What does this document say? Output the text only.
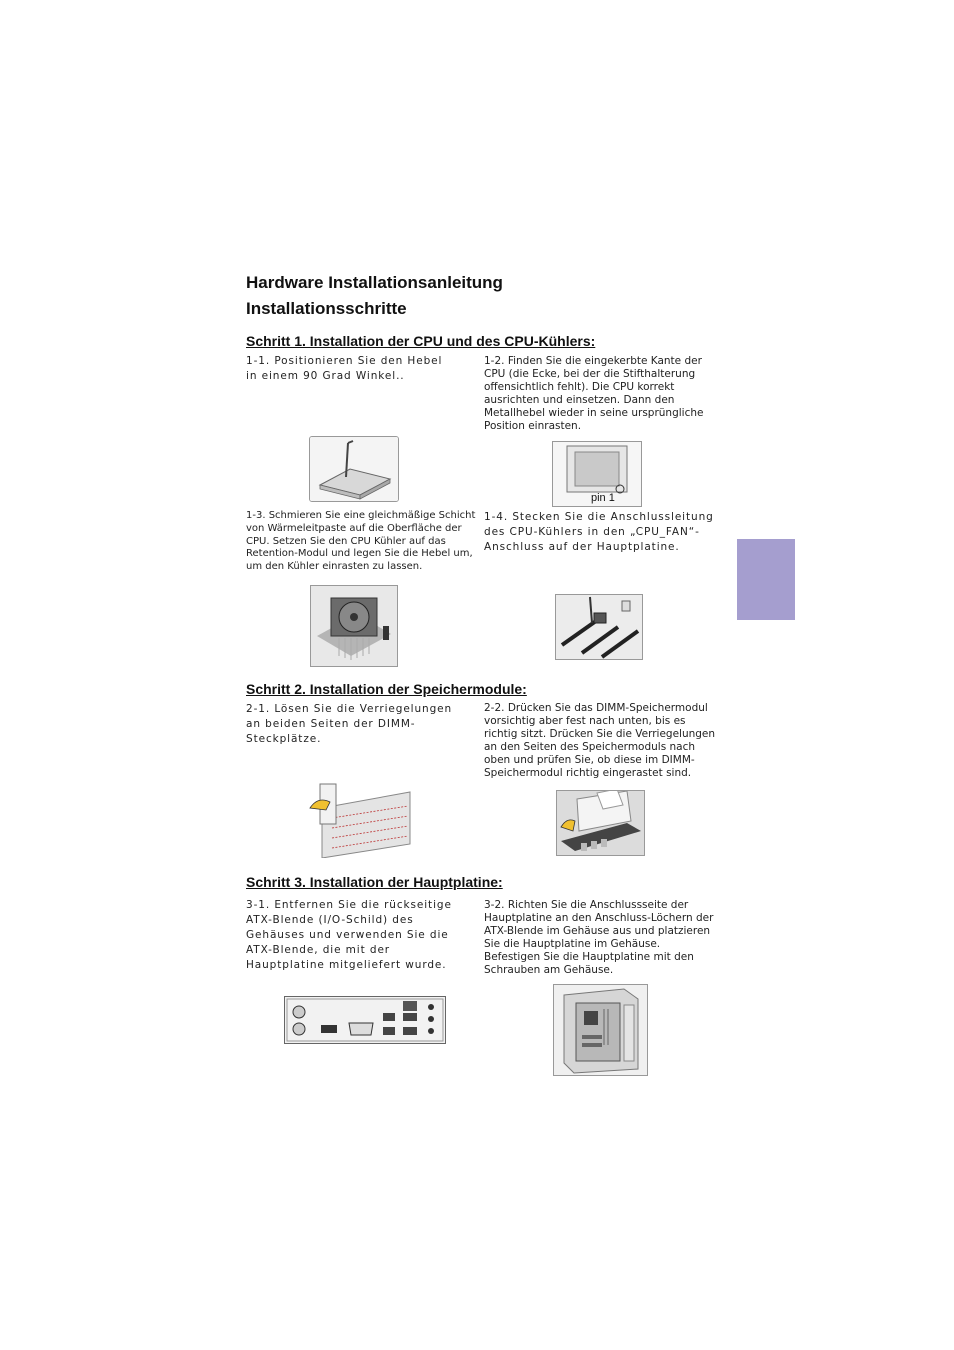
Hardware Installationsanleitung
Installationsschritte
Schritt 1. Installation der CPU und des CPU-Kühlers:
1-1. Positionieren Sie den Hebel in einem 90 Grad Winkel..
1-2. Finden Sie die eingekerbte Kante der CPU (die Ecke, bei der die Stifthalterung offensichtlich fehlt). Die CPU korrekt ausrichten und einsetzen. Dann den Metallhebel wieder in seine ursprüngliche Position einrasten.
pin 1
1-3. Schmieren Sie eine gleichmäßige Schicht von Wärmeleitpaste auf die Oberfläche der CPU. Setzen Sie den CPU Kühler auf das Retention-Modul und legen Sie die Hebel um, um den Kühler einrasten zu lassen.
1-4. Stecken Sie die Anschlussleitung des CPU-Kühlers in den „CPU_FAN“-Anschluss auf der Hauptplatine.
Schritt 2. Installation der Speichermodule:
2-1. Lösen Sie die Verriegelungen an beiden Seiten der DIMM-Steckplätze.
2-2. Drücken Sie das DIMM-Speichermodul vorsichtig aber fest nach unten, bis es richtig sitzt. Drücken Sie die Verriegelungen an den Seiten des Speichermoduls nach oben und prüfen Sie, ob diese im DIMM-Speichermodul richtig eingerastet sind.
Schritt 3. Installation der Hauptplatine:
3-1. Entfernen Sie die rückseitige ATX-Blende (I/O-Schild) des Gehäuses und verwenden Sie die ATX-Blende, die mit der Hauptplatine mitgeliefert wurde.
3-2. Richten Sie die Anschlussseite der Hauptplatine an den Anschluss-Löchern der ATX-Blende im Gehäuse aus und platzieren Sie die Hauptplatine im Gehäuse. Befestigen Sie die Hauptplatine mit den Schrauben am Gehäuse.
